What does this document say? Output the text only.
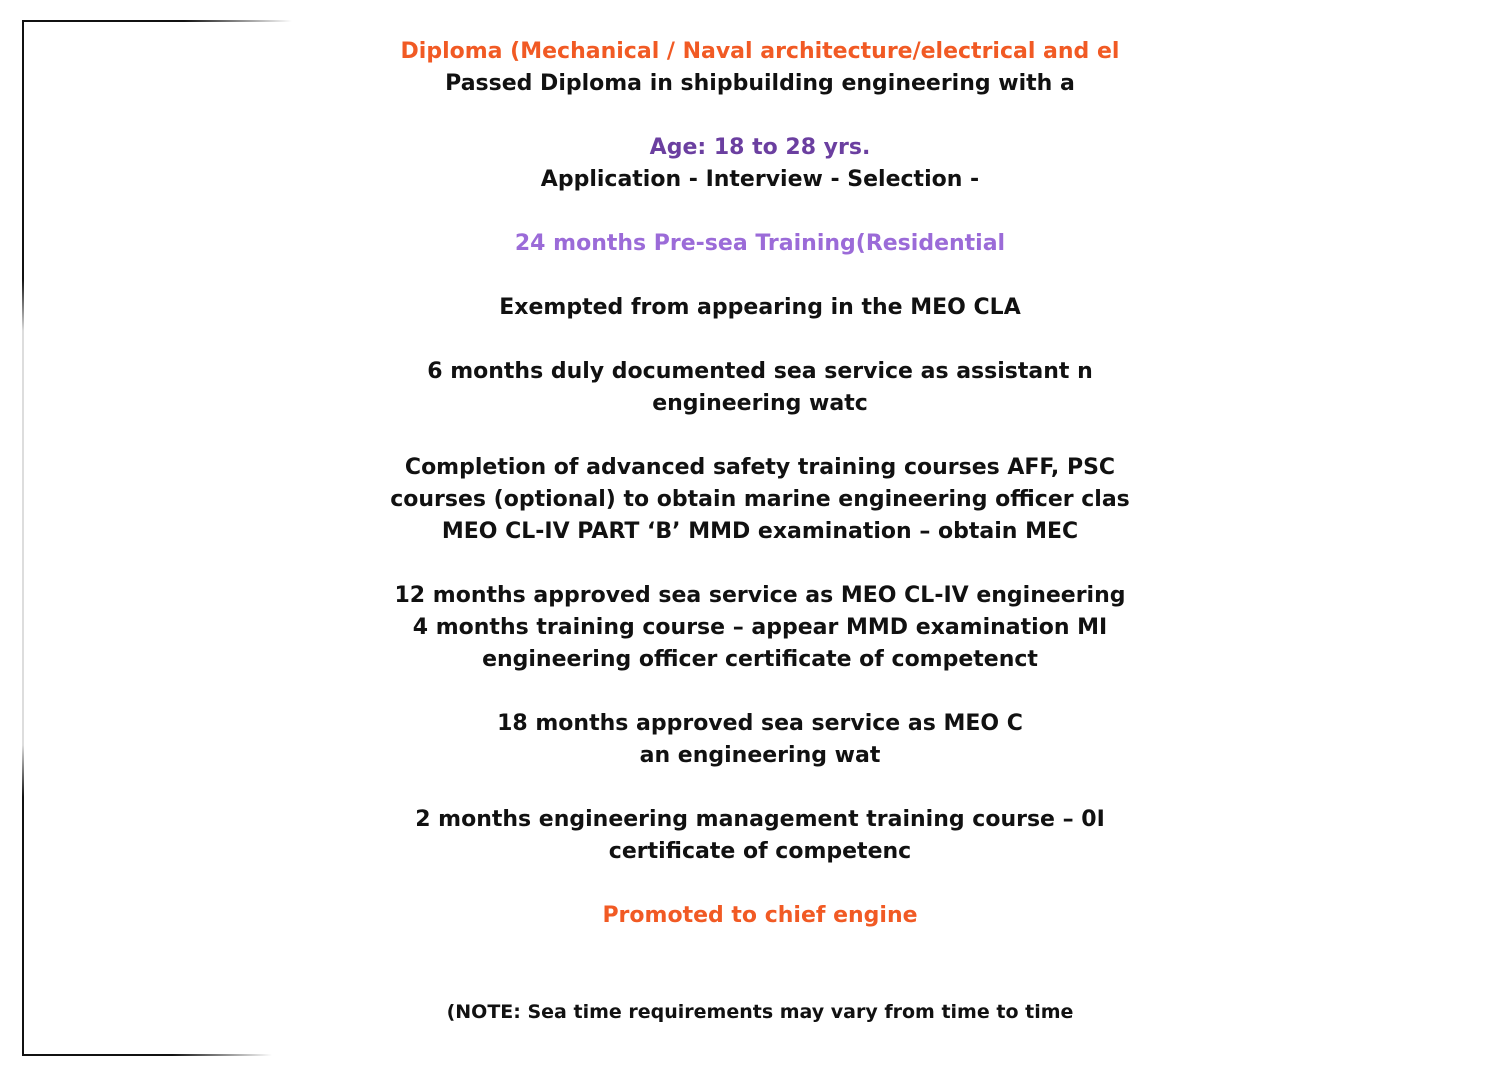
Diploma (Mechanical / Naval architecture/electrical and el
Passed Diploma in shipbuilding engineering with a
Age: 18 to 28 yrs.
Application - Interview - Selection -
24 months Pre-sea Training(Residential
Exempted from appearing in the MEO CLA
6 months duly documented sea service as assistant n
engineering watc
Completion of advanced safety training courses AFF, PSC
courses (optional) to obtain marine engineering officer clas
MEO CL-IV PART ‘B’ MMD examination – obtain MEC
12 months approved sea service as MEO CL-IV engineering
4 months training course – appear MMD examination MI
engineering officer certificate of competenct
18 months approved sea service as MEO C
an engineering wat
2 months engineering management training course – 0I
certificate of competenc
Promoted to chief engine
(NOTE: Sea time requirements may vary from time to time
